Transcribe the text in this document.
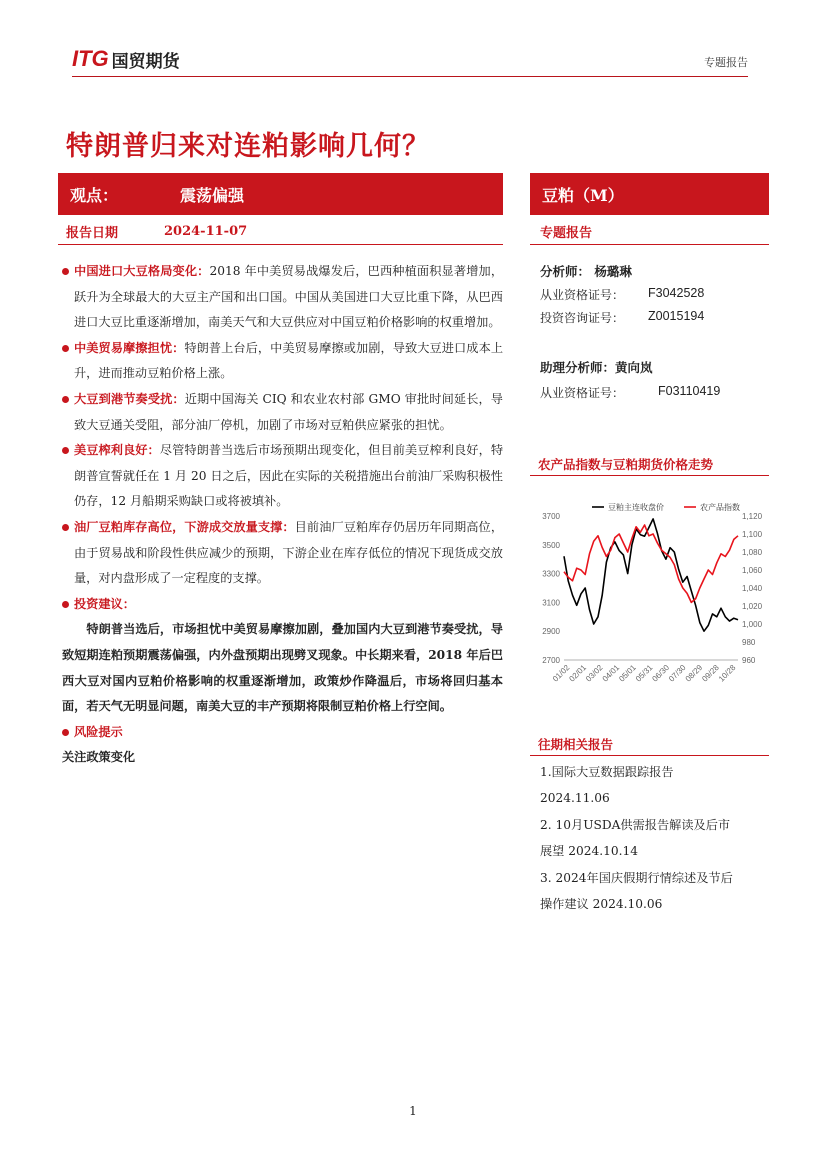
ITG 国贸期货	专题报告
特朗普归来对连粕影响几何？
观点：	震荡偏强	豆粕（M）
报告日期	2024-11-07	专题报告
中国进口大豆格局变化：2018 年中美贸易战爆发后，巴西种植面积显著增加，跃升为全球最大的大豆主产国和出口国。中国从美国进口大豆比重下降，从巴西进口大豆比重逐渐增加，南美天气和大豆供应对中国豆粕价格影响的权重增加。
中美贸易摩擦担忧：特朗普上台后，中美贸易摩擦或加剧，导致大豆进口成本上升，进而推动豆粕价格上涨。
大豆到港节奏受扰：近期中国海关 CIQ 和农业农村部 GMO 审批时间延长，导致大豆通关受阻，部分油厂停机，加剧了市场对豆粕供应紧张的担忧。
美豆榨利良好：尽管特朗普当选后市场预期出现变化，但目前美豆榨利良好，特朗普宣誓就任在 1 月 20 日之后，因此在实际的关税措施出台前油厂采购积极性仍存，12 月船期采购缺口或将被填补。
油厂豆粕库存高位，下游成交放量支撑：目前油厂豆粕库存仍居历年同期高位，由于贸易战和阶段性供应减少的预期，下游企业在库存低位的情况下现货成交放量，对内盘形成了一定程度的支撑。
投资建议：
特朗普当选后，市场担忧中美贸易摩擦加剧，叠加国内大豆到港节奏受扰，导致短期连粕预期震荡偏强，内外盘预期出现劈叉现象。中长期来看，2018 年后巴西大豆对国内豆粕价格影响的权重逐渐增加，政策炒作降温后，市场将回归基本面，若天气无明显问题，南美大豆的丰产预期将限制豆粕价格上行空间。
风险提示
关注政策变化
分析师： 杨璐琳
从业资格证号：	F3042528
投资咨询证号：	Z0015194
助理分析师：黄向岚
从业资格证号：	F03110419
农产品指数与豆粕期货价格走势
3700
3500
3300
3100
2900
2700
1,120
1,100
1,080
1,060
1,040
1,020
1,000
980
960
01/02
02/01
03/02
04/01
05/01
05/31
06/30
07/30
08/29
09/28
10/28
豆粕主连收盘价	农产品指数
往期相关报告
1.国际大豆数据跟踪报告
2024.11.06
2. 10月USDA供需报告解读及后市
展望 2024.10.14
3. 2024年国庆假期行情综述及节后
操作建议 2024.10.06
1
